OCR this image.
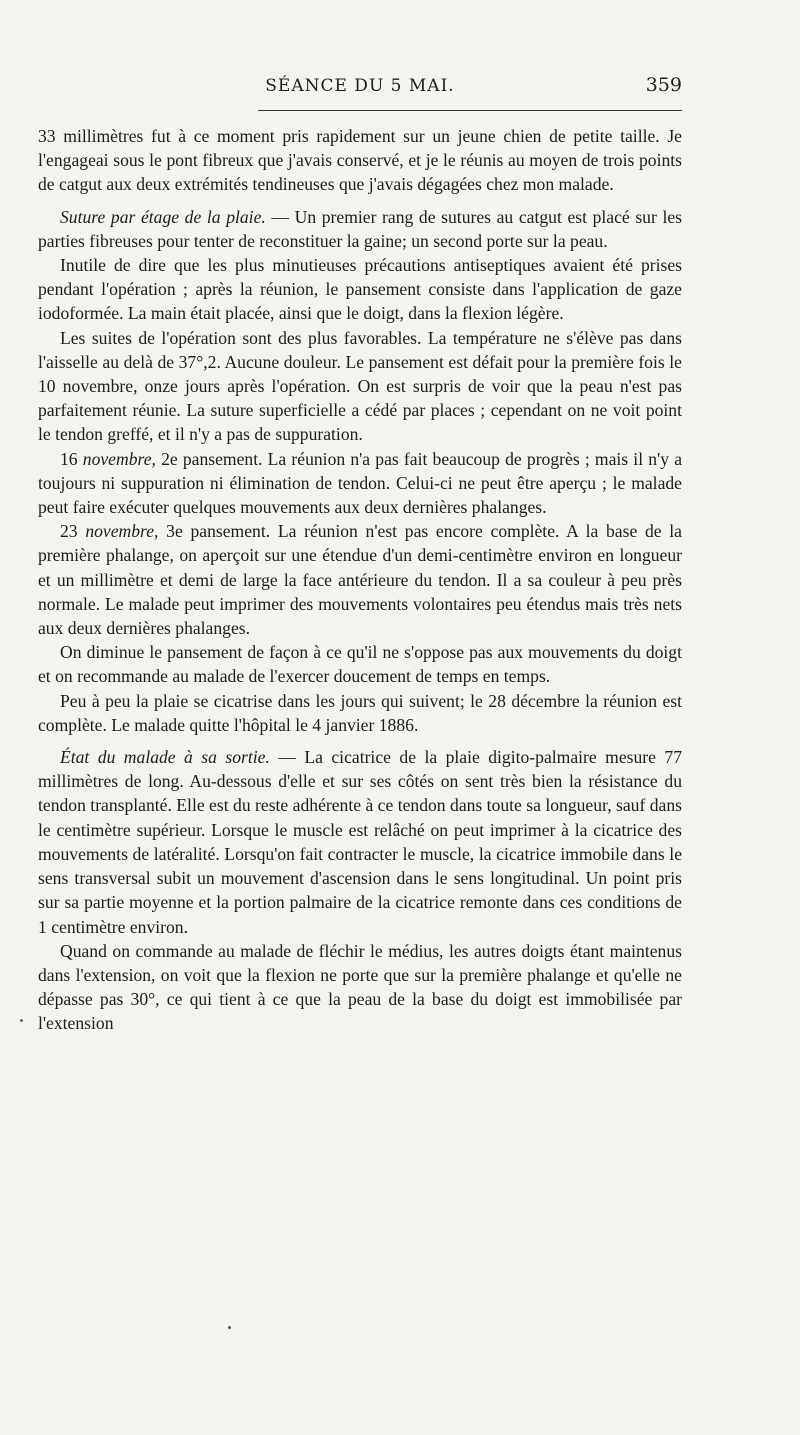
SÉANCE DU 5 MAI.	359

33 millimètres fut à ce moment pris rapidement sur un jeune chien de petite taille. Je l'engageai sous le pont fibreux que j'avais conservé, et je le réunis au moyen de trois points de catgut aux deux extrémités tendineuses que j'avais dégagées chez mon malade.

Suture par étage de la plaie. — Un premier rang de sutures au catgut est placé sur les parties fibreuses pour tenter de reconstituer la gaine; un second porte sur la peau.

Inutile de dire que les plus minutieuses précautions antiseptiques avaient été prises pendant l'opération ; après la réunion, le pansement consiste dans l'application de gaze iodoformée. La main était placée, ainsi que le doigt, dans la flexion légère.

Les suites de l'opération sont des plus favorables. La température ne s'élève pas dans l'aisselle au delà de 37°,2. Aucune douleur. Le pansement est défait pour la première fois le 10 novembre, onze jours après l'opération. On est surpris de voir que la peau n'est pas parfaitement réunie. La suture superficielle a cédé par places ; cependant on ne voit point le tendon greffé, et il n'y a pas de suppuration.

16 novembre, 2e pansement. La réunion n'a pas fait beaucoup de progrès ; mais il n'y a toujours ni suppuration ni élimination de tendon. Celui-ci ne peut être aperçu ; le malade peut faire exécuter quelques mouvements aux deux dernières phalanges.

23 novembre, 3e pansement. La réunion n'est pas encore complète. A la base de la première phalange, on aperçoit sur une étendue d'un demi-centimètre environ en longueur et un millimètre et demi de large la face antérieure du tendon. Il a sa couleur à peu près normale. Le malade peut imprimer des mouvements volontaires peu étendus mais très nets aux deux dernières phalanges.

On diminue le pansement de façon à ce qu'il ne s'oppose pas aux mouvements du doigt et on recommande au malade de l'exercer doucement de temps en temps.

Peu à peu la plaie se cicatrise dans les jours qui suivent; le 28 décembre la réunion est complète. Le malade quitte l'hôpital le 4 janvier 1886.

État du malade à sa sortie. — La cicatrice de la plaie digito-palmaire mesure 77 millimètres de long. Au-dessous d'elle et sur ses côtés on sent très bien la résistance du tendon transplanté. Elle est du reste adhérente à ce tendon dans toute sa longueur, sauf dans le centimètre supérieur. Lorsque le muscle est relâché on peut imprimer à la cicatrice des mouvements de latéralité. Lorsqu'on fait contracter le muscle, la cicatrice immobile dans le sens transversal subit un mouvement d'ascension dans le sens longitudinal. Un point pris sur sa partie moyenne et la portion palmaire de la cicatrice remonte dans ces conditions de 1 centimètre environ.

Quand on commande au malade de fléchir le médius, les autres doigts étant maintenus dans l'extension, on voit que la flexion ne porte que sur la première phalange et qu'elle ne dépasse pas 30°, ce qui tient à ce que la peau de la base du doigt est immobilisée par l'extension
